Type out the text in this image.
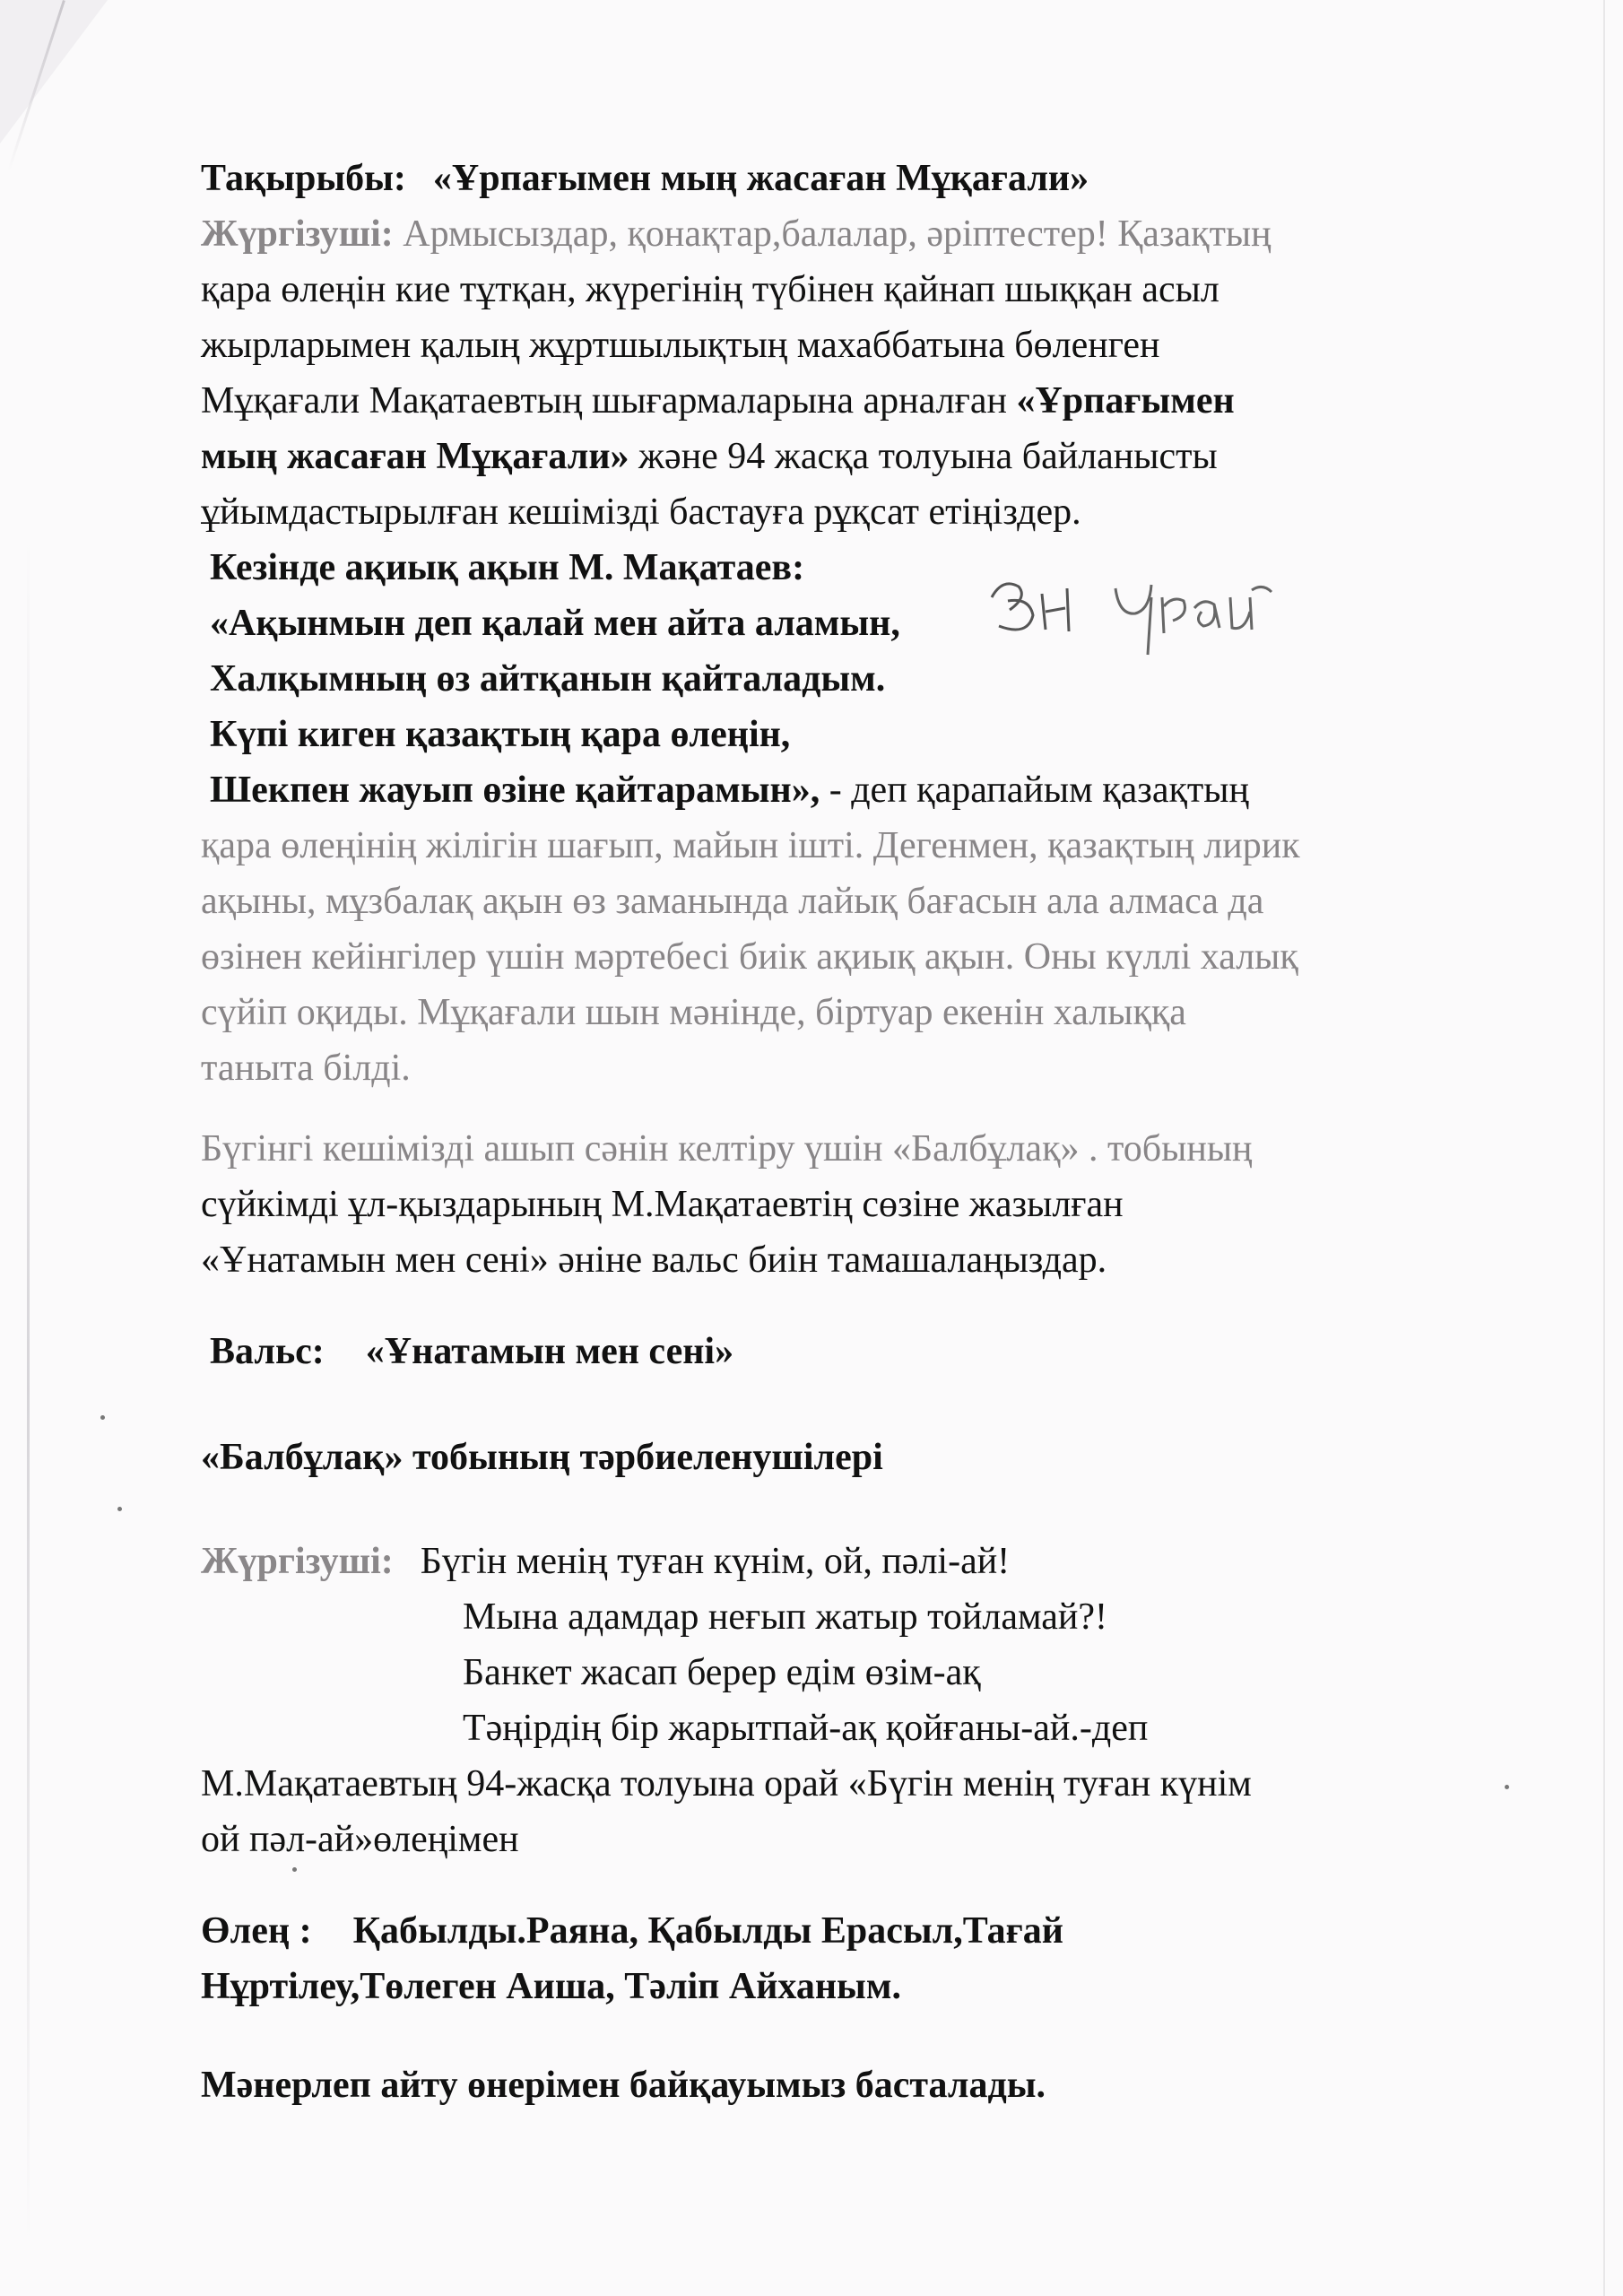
Тақырыбы: «Ұрпағымен мың жасаған Мұқағали»
Жүргізуші: Армысыздар, қонақтар,балалар, әріптестер! Қазақтың
қара өлеңін кие тұтқан, жүрегінің түбінен қайнап шыққан асыл
жырларымен қалың жұртшылықтың махаббатына бөленген
Мұқағали Мақатаевтың шығармаларына арналған «Ұрпағымен
мың жасаған Мұқағали» және 94 жасқа толуына байланысты
ұйымдастырылған кешімізді бастауға рұқсат етіңіздер.
Кезінде ақиық ақын М. Мақатаев:
«Ақынмын деп қалай мен айта аламын,
Халқымның өз айтқанын қайталадым.
Күпі киген қазақтың қара өлеңін,
Шекпен жауып өзіне қайтарамын», - деп қарапайым қазақтың
қара өлеңінің жілігін шағып, майын ішті. Дегенмен, қазақтың лирик
ақыны, мұзбалақ ақын өз заманында лайық бағасын ала алмаса да
өзінен кейінгілер үшін мәртебесі биік ақиық ақын. Оны күллі халық
сүйіп оқиды. Мұқағали шын мәнінде, біртуар екенін халыққа
таныта білді.
Бүгінгі кешімізді ашып сәнін келтіру үшін «Балбұлақ» . тобының
сүйкімді ұл-қыздарының М.Мақатаевтің сөзіне жазылған
«Ұнатамын мен сені» әніне вальс биін тамашалаңыздар.
Вальс: «Ұнатамын мен сені»
«Балбұлақ» тобының тәрбиеленушілері
Жүргізуші: Бүгін менің туған күнім, ой, пәлі-ай!
Мына адамдар неғып жатыр тойламай?!
Банкет жасап берер едім өзім-ақ
Тәңірдің бір жарытпай-ақ қойғаны-ай.-деп
М.Мақатаевтың 94-жасқа толуына орай «Бүгін менің туған күнім
ой пәл-ай»өлеңімен
Өлең : Қабылды.Раяна, Қабылды Ерасыл,Тағай
Нұртілеу,Төлеген Аиша, Тәліп Айханым.
Мәнерлеп айту өнерімен байқауымыз басталады.
